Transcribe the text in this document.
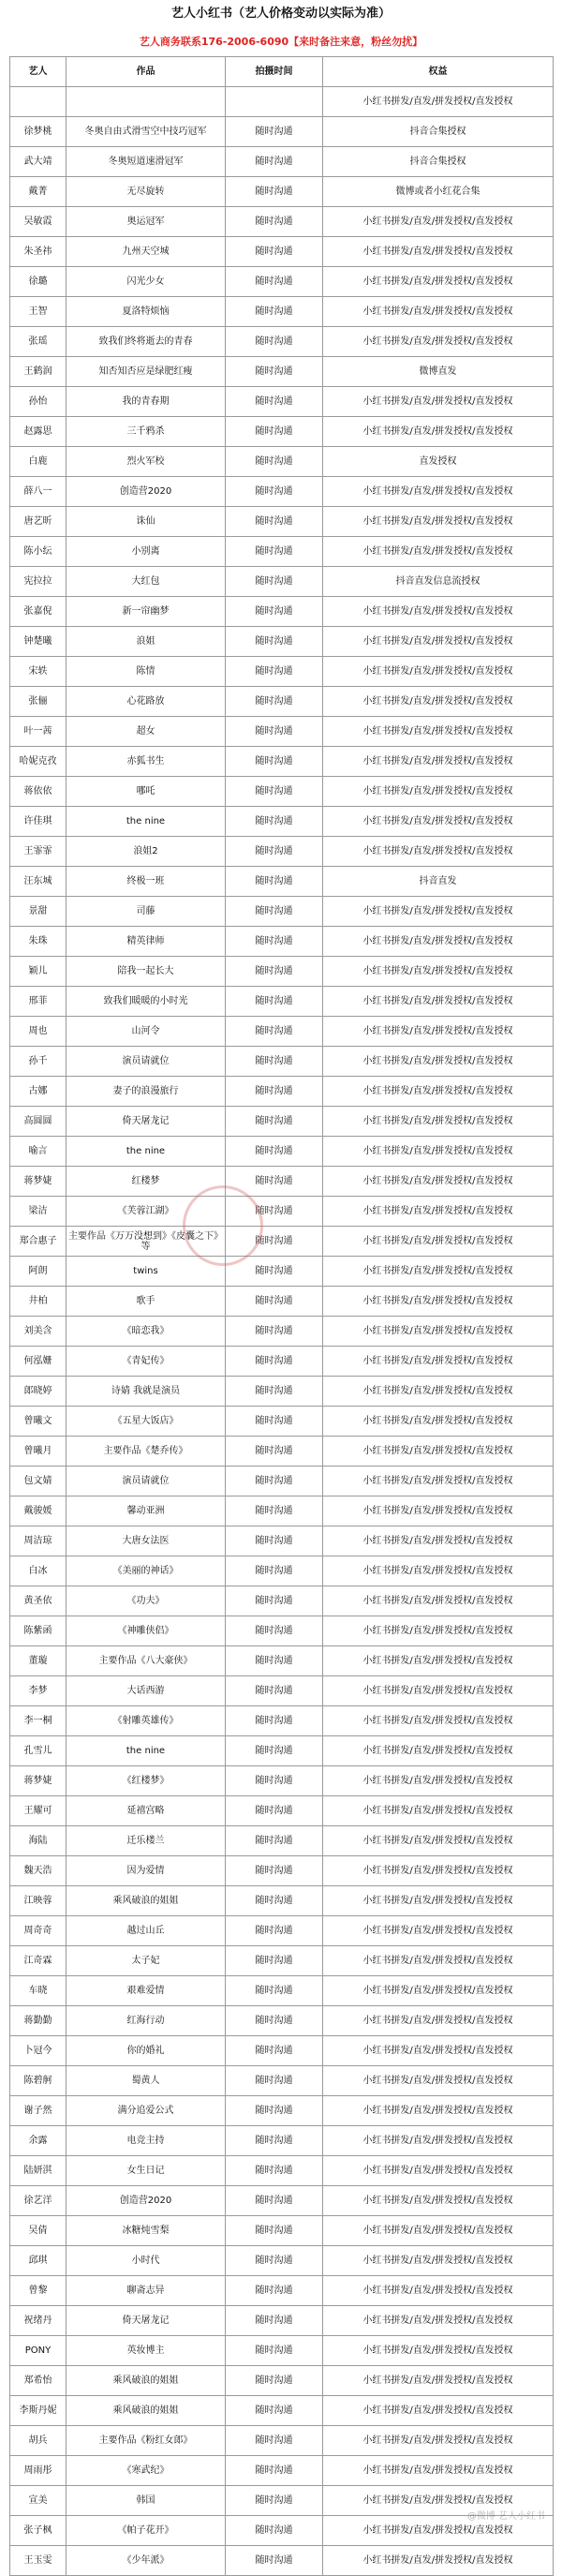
艺人小红书（艺人价格变动以实际为准）
艺人商务联系176-2006-6090【来时备注来意，粉丝勿扰】
艺人	作品	拍摄时间	权益
			小红书拼发/直发/拼发授权/直发授权
徐梦桃	冬奥自由式滑雪空中技巧冠军	随时沟通	抖音合集授权
武大靖	冬奥短道速滑冠军	随时沟通	抖音合集授权
戴菁	无尽旋转	随时沟通	微博或者小红花合集
吴敏霞	奥运冠军	随时沟通	小红书拼发/直发/拼发授权/直发授权
朱圣祎	九州天空城	随时沟通	小红书拼发/直发/拼发授权/直发授权
徐璐	闪光少女	随时沟通	小红书拼发/直发/拼发授权/直发授权
王智	夏洛特烦恼	随时沟通	小红书拼发/直发/拼发授权/直发授权
张瑶	致我们终将逝去的青春	随时沟通	小红书拼发/直发/拼发授权/直发授权
王鹤润	知否知否应是绿肥红瘦	随时沟通	微博直发
孙怡	我的青春期	随时沟通	小红书拼发/直发/拼发授权/直发授权
赵露思	三千鸦杀	随时沟通	小红书拼发/直发/拼发授权/直发授权
白鹿	烈火军校	随时沟通	直发授权
薛八一	创造营2020	随时沟通	小红书拼发/直发/拼发授权/直发授权
唐艺昕	诛仙	随时沟通	小红书拼发/直发/拼发授权/直发授权
陈小纭	小别离	随时沟通	小红书拼发/直发/拼发授权/直发授权
宪拉拉	大红包	随时沟通	抖音直发信息流授权
张嘉倪	新一帘幽梦	随时沟通	小红书拼发/直发/拼发授权/直发授权
钟楚曦	浪姐	随时沟通	小红书拼发/直发/拼发授权/直发授权
宋轶	陈情	随时沟通	小红书拼发/直发/拼发授权/直发授权
张俪	心花路放	随时沟通	小红书拼发/直发/拼发授权/直发授权
叶一茜	超女	随时沟通	小红书拼发/直发/拼发授权/直发授权
哈妮克孜	赤狐书生	随时沟通	小红书拼发/直发/拼发授权/直发授权
蒋依依	哪吒	随时沟通	小红书拼发/直发/拼发授权/直发授权
许佳琪	the nine	随时沟通	小红书拼发/直发/拼发授权/直发授权
王霏霏	浪姐2	随时沟通	小红书拼发/直发/拼发授权/直发授权
汪东城	终极一班	随时沟通	抖音直发
景甜	司藤	随时沟通	小红书拼发/直发/拼发授权/直发授权
朱珠	精英律师	随时沟通	小红书拼发/直发/拼发授权/直发授权
颖儿	陪我一起长大	随时沟通	小红书拼发/直发/拼发授权/直发授权
邢菲	致我们暖暖的小时光	随时沟通	小红书拼发/直发/拼发授权/直发授权
周也	山河令	随时沟通	小红书拼发/直发/拼发授权/直发授权
孙千	演员请就位	随时沟通	小红书拼发/直发/拼发授权/直发授权
古娜	妻子的浪漫旅行	随时沟通	小红书拼发/直发/拼发授权/直发授权
高圆圆	倚天屠龙记	随时沟通	小红书拼发/直发/拼发授权/直发授权
喻言	the nine	随时沟通	小红书拼发/直发/拼发授权/直发授权
蒋梦婕	红楼梦	随时沟通	小红书拼发/直发/拼发授权/直发授权
梁洁	《芙蓉江湖》	随时沟通	小红书拼发/直发/拼发授权/直发授权
郑合惠子	主要作品《万万没想到》《皮囊之下》等	随时沟通	小红书拼发/直发/拼发授权/直发授权
阿朗	twins	随时沟通	小红书拼发/直发/拼发授权/直发授权
井柏	歌手	随时沟通	小红书拼发/直发/拼发授权/直发授权
刘美含	《暗恋我》	随时沟通	小红书拼发/直发/拼发授权/直发授权
何泓姗	《青妃传》	随时沟通	小红书拼发/直发/拼发授权/直发授权
郎晓婷	诗婧 我就是演员	随时沟通	小红书拼发/直发/拼发授权/直发授权
曾曦文	《五星大饭店》	随时沟通	小红书拼发/直发/拼发授权/直发授权
曾曦月	主要作品《楚乔传》	随时沟通	小红书拼发/直发/拼发授权/直发授权
包文婧	演员请就位	随时沟通	小红书拼发/直发/拼发授权/直发授权
戴骏媛	馨动亚洲	随时沟通	小红书拼发/直发/拼发授权/直发授权
周洁琼	大唐女法医	随时沟通	小红书拼发/直发/拼发授权/直发授权
白冰	《美丽的神话》	随时沟通	小红书拼发/直发/拼发授权/直发授权
黄圣依	《功夫》	随时沟通	小红书拼发/直发/拼发授权/直发授权
陈紫函	《神雕侠侣》	随时沟通	小红书拼发/直发/拼发授权/直发授权
董璇	主要作品《八大豪侠》	随时沟通	小红书拼发/直发/拼发授权/直发授权
李梦	大话西游	随时沟通	小红书拼发/直发/拼发授权/直发授权
李一桐	《射雕英雄传》	随时沟通	小红书拼发/直发/拼发授权/直发授权
孔雪儿	the nine	随时沟通	小红书拼发/直发/拼发授权/直发授权
蒋梦婕	《红楼梦》	随时沟通	小红书拼发/直发/拼发授权/直发授权
王耀可	延禧宫略	随时沟通	小红书拼发/直发/拼发授权/直发授权
海陆	迁乐楼兰	随时沟通	小红书拼发/直发/拼发授权/直发授权
魏天浩	因为爱情	随时沟通	小红书拼发/直发/拼发授权/直发授权
江映蓉	乘风破浪的姐姐	随时沟通	小红书拼发/直发/拼发授权/直发授权
周奇奇	越过山丘	随时沟通	小红书拼发/直发/拼发授权/直发授权
江奇霖	太子妃	随时沟通	小红书拼发/直发/拼发授权/直发授权
车晓	艰难爱情	随时沟通	小红书拼发/直发/拼发授权/直发授权
蒋勤勤	红海行动	随时沟通	小红书拼发/直发/拼发授权/直发授权
卜冠今	你的婚礼	随时沟通	小红书拼发/直发/拼发授权/直发授权
陈碧舸	蜀黄人	随时沟通	小红书拼发/直发/拼发授权/直发授权
谢子然	满分追爱公式	随时沟通	小红书拼发/直发/拼发授权/直发授权
余露	电竞主持	随时沟通	小红书拼发/直发/拼发授权/直发授权
陆妍淇	女生日记	随时沟通	小红书拼发/直发/拼发授权/直发授权
徐艺洋	创造营2020	随时沟通	小红书拼发/直发/拼发授权/直发授权
吴倩	冰糖炖雪梨	随时沟通	小红书拼发/直发/拼发授权/直发授权
邱琪	小时代	随时沟通	小红书拼发/直发/拼发授权/直发授权
曾黎	聊斋志异	随时沟通	小红书拼发/直发/拼发授权/直发授权
祝绪丹	倚天屠龙记	随时沟通	小红书拼发/直发/拼发授权/直发授权
PONY	英妆博主	随时沟通	小红书拼发/直发/拼发授权/直发授权
郑希怡	乘风破浪的姐姐	随时沟通	小红书拼发/直发/拼发授权/直发授权
李斯丹妮	乘风破浪的姐姐	随时沟通	小红书拼发/直发/拼发授权/直发授权
胡兵	主要作品《粉红女郎》	随时沟通	小红书拼发/直发/拼发授权/直发授权
周雨彤	《寒武纪》	随时沟通	小红书拼发/直发/拼发授权/直发授权
宣美	韩国	随时沟通	小红书拼发/直发/拼发授权/直发授权
张子枫	《帕子花开》	随时沟通	小红书拼发/直发/拼发授权/直发授权
王玉雯	《少年派》	随时沟通	小红书拼发/直发/拼发授权/直发授权
@微博 艺人小红书
